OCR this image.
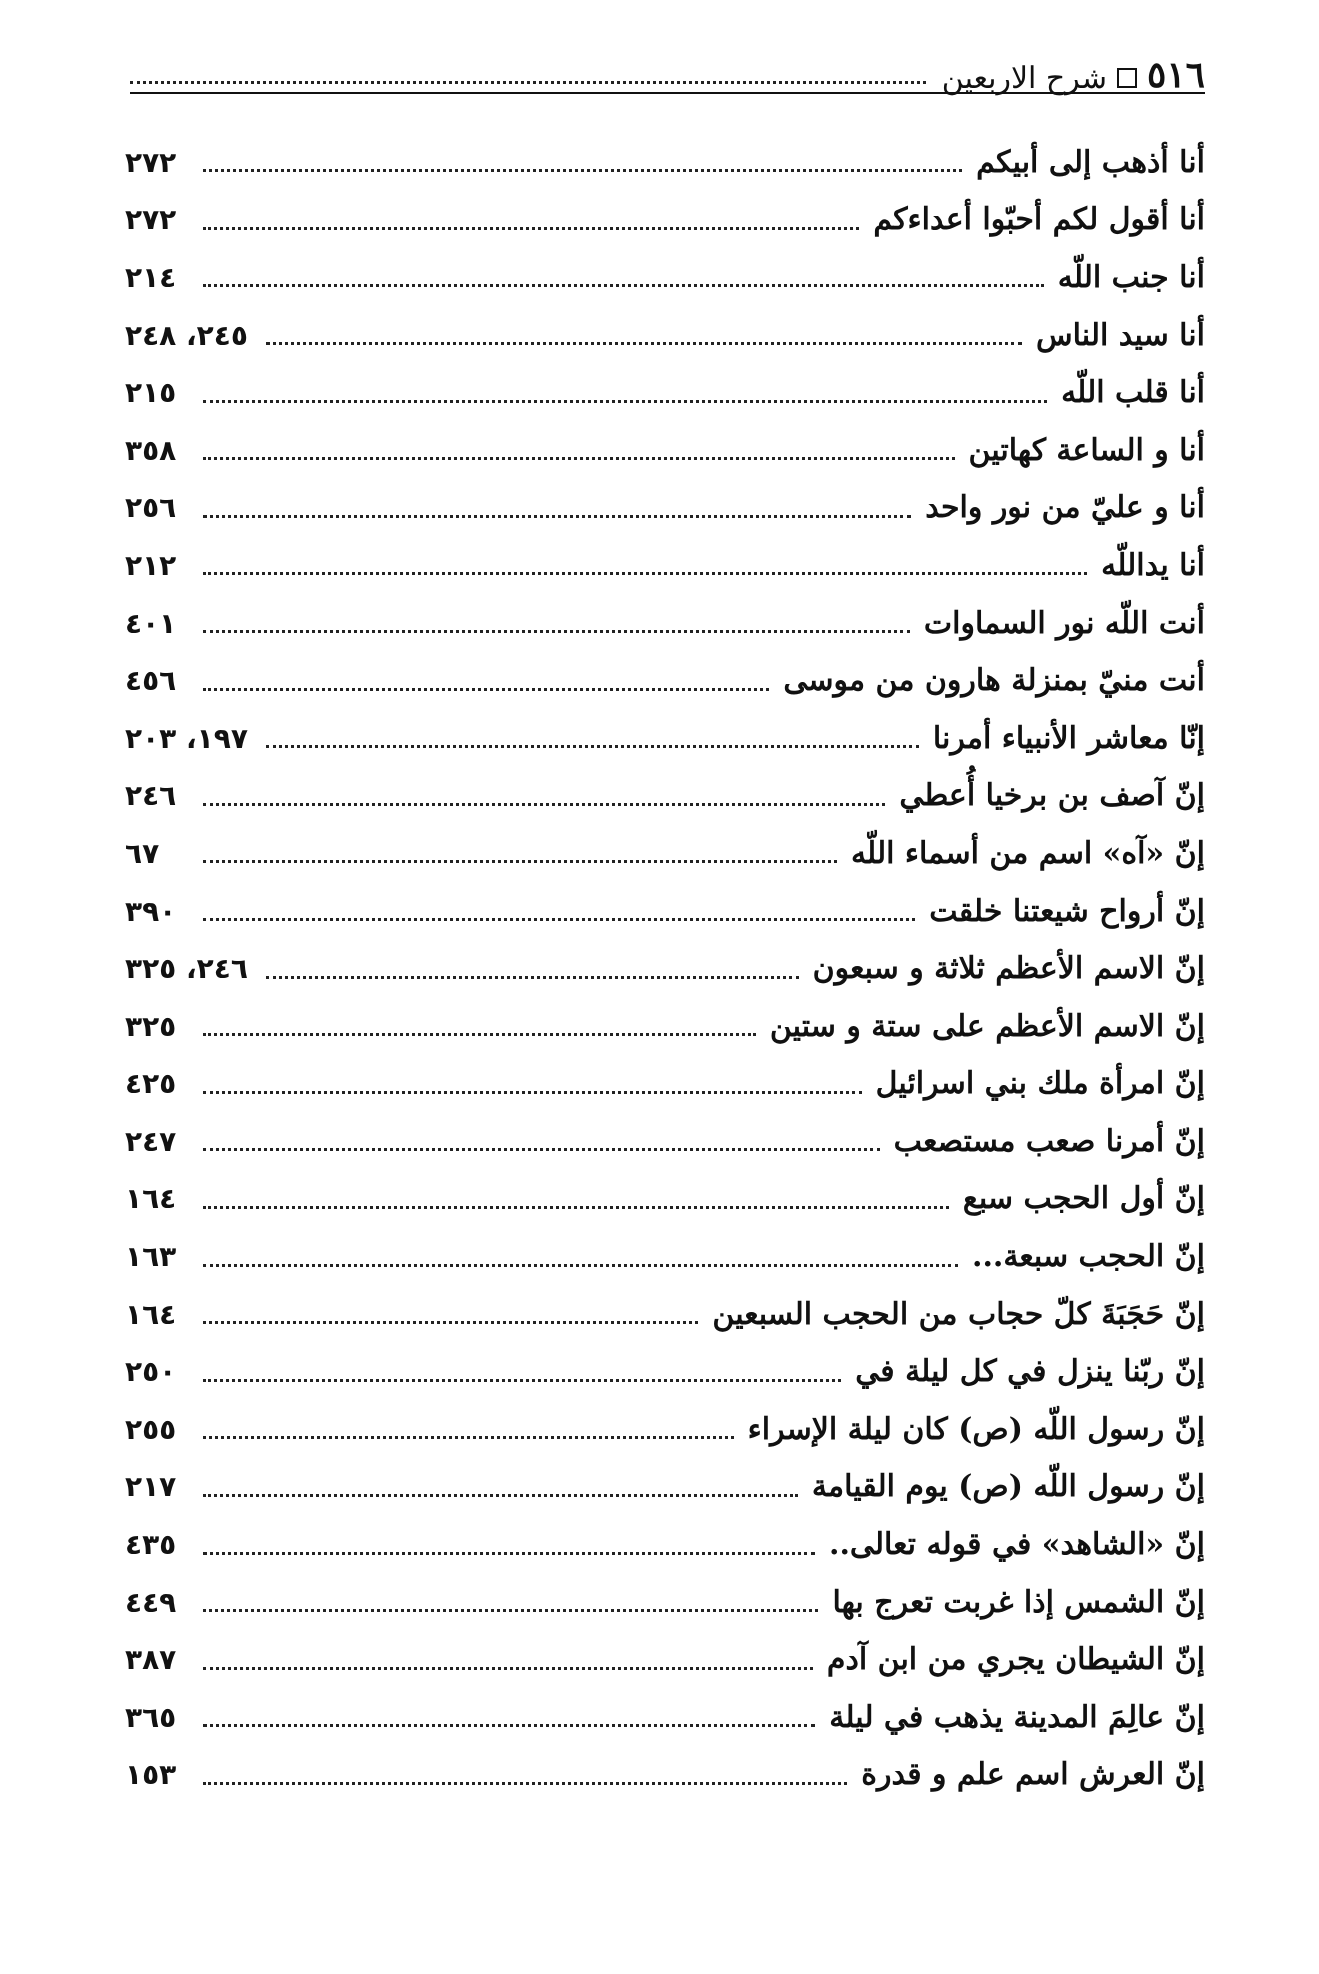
٥١٦
شرح الاربعين
أنا أذهب إلى أبيكم
٢٧٢
أنا أقول لكم أحبّوا أعداءكم
٢٧٢
أنا جنب اللّه
٢١٤
أنا سيد الناس
٢٤٥، ٢٤٨
أنا قلب اللّه
٢١٥
أنا و الساعة كهاتين
٣٥٨
أنا و عليّ من نور واحد
٢٥٦
أنا يداللّه
٢١٢
أنت اللّه نور السماوات
٤٠١
أنت منيّ بمنزلة هارون من موسى
٤٥٦
إنّا معاشر الأنبياء أمرنا
١٩٧، ٢٠٣
إنّ آصف بن برخيا أُعطي
٢٤٦
إنّ «آه» اسم من أسماء اللّه
٦٧
إنّ أرواح شيعتنا خلقت
٣٩٠
إنّ الاسم الأعظم ثلاثة و سبعون
٢٤٦، ٣٢٥
إنّ الاسم الأعظم على ستة و ستين
٣٢٥
إنّ امرأة ملك بني اسرائيل
٤٢٥
إنّ أمرنا صعب مستصعب
٢٤٧
إنّ أول الحجب سبع
١٦٤
إنّ الحجب سبعة...
١٦٣
إنّ حَجَبَةَ كلّ حجاب من الحجب السبعين
١٦٤
إنّ ربّنا ينزل في كل ليلة في
٢٥٠
إنّ رسول اللّه (ص) كان ليلة الإسراء
٢٥٥
إنّ رسول اللّه (ص) يوم القيامة
٢١٧
إنّ «الشاهد» في قوله تعالى..
٤٣٥
إنّ الشمس إذا غربت تعرج بها
٤٤٩
إنّ الشيطان يجري من ابن آدم
٣٨٧
إنّ عالِمَ المدينة يذهب في ليلة
٣٦٥
إنّ العرش اسم علم و قدرة
١٥٣
